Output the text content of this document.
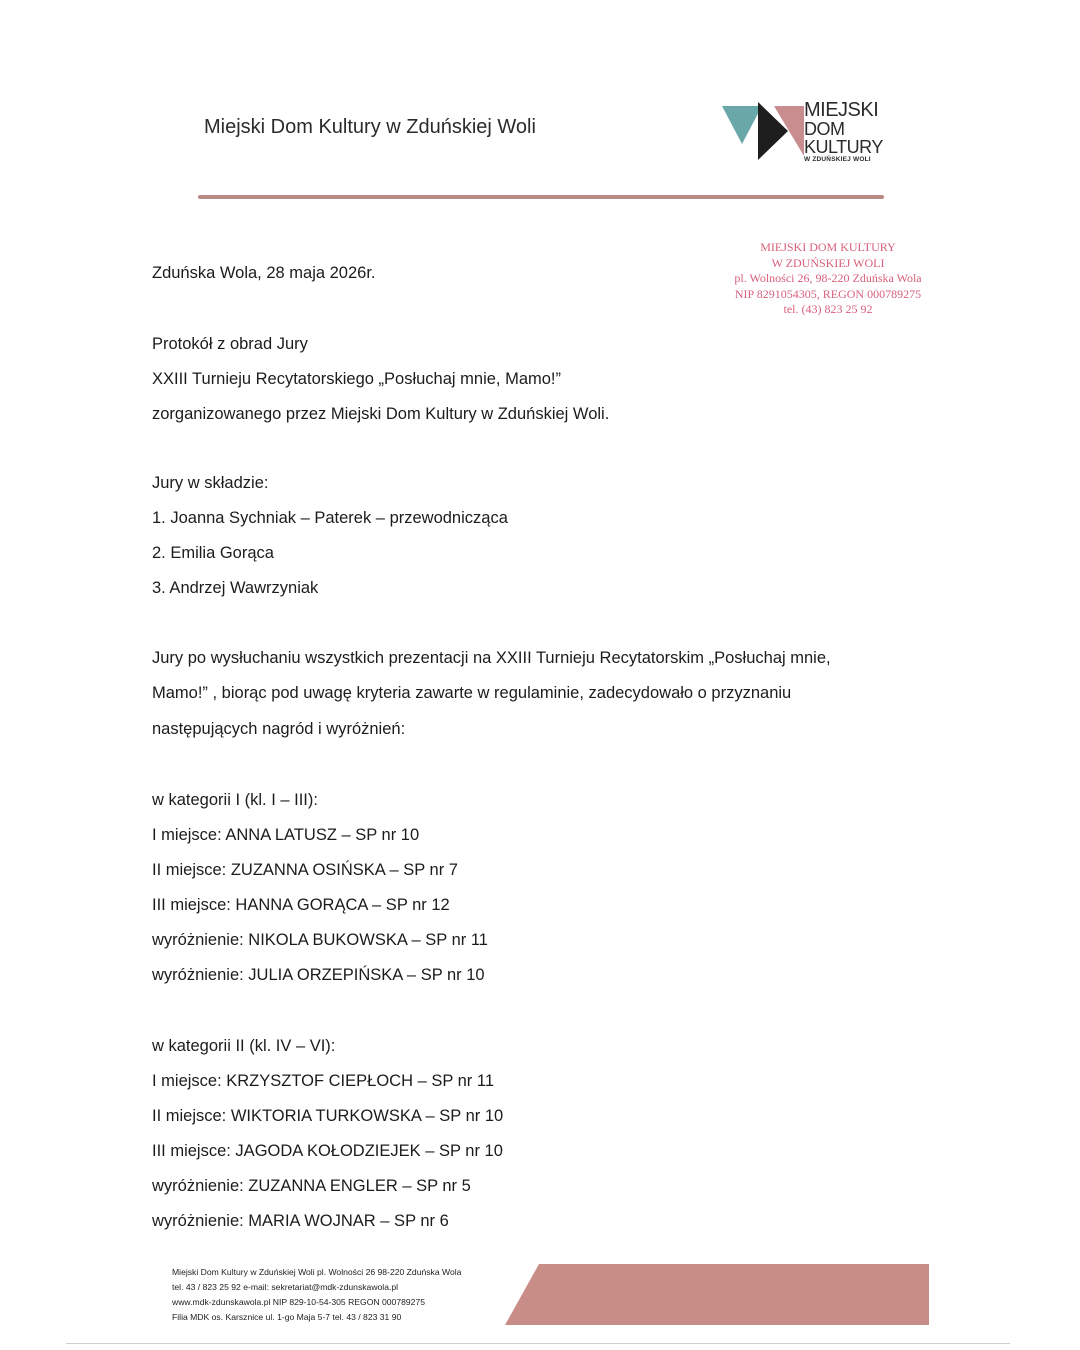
Miejski Dom Kultury w Zduńskiej Woli
MIEJSKI
DOM
KULTURY
W ZDUŃSKIEJ WOLI
MIEJSKI DOM KULTURY
W ZDUŃSKIEJ WOLI
pl. Wolności 26, 98-220 Zduńska Wola
NIP 8291054305, REGON 000789275
tel. (43) 823 25 92
Zduńska Wola, 28 maja 2026r.
Protokół z obrad Jury
XXIII Turnieju Recytatorskiego „Posłuchaj mnie, Mamo!”
zorganizowanego przez Miejski Dom Kultury w Zduńskiej Woli.
Jury w składzie:
1. Joanna Sychniak – Paterek – przewodnicząca
2. Emilia Gorąca
3. Andrzej Wawrzyniak
Jury po wysłuchaniu wszystkich prezentacji na XXIII Turnieju Recytatorskim „Posłuchaj mnie,
Mamo!” , biorąc pod uwagę kryteria zawarte w regulaminie, zadecydowało o przyznaniu
następujących nagród i wyróżnień:
w kategorii I (kl. I – III):
I miejsce: ANNA LATUSZ – SP nr 10
II miejsce: ZUZANNA OSIŃSKA – SP nr 7
III miejsce: HANNA GORĄCA – SP nr 12
wyróżnienie: NIKOLA BUKOWSKA – SP nr 11
wyróżnienie: JULIA ORZEPIŃSKA – SP nr 10
w kategorii II (kl. IV – VI):
I miejsce: KRZYSZTOF CIEPŁOCH – SP nr 11
II miejsce: WIKTORIA TURKOWSKA – SP nr 10
III miejsce: JAGODA KOŁODZIEJEK – SP nr 10
wyróżnienie: ZUZANNA ENGLER – SP nr 5
wyróżnienie: MARIA WOJNAR – SP nr 6
Miejski Dom Kultury w Zduńskiej Woli pl. Wolności 26 98-220 Zduńska Wola
tel. 43 / 823 25 92 e-mail: sekretariat@mdk-zdunskawola.pl
www.mdk-zdunskawola.pl NIP 829-10-54-305 REGON 000789275
Filia MDK os. Karsznice ul. 1-go Maja 5-7 tel. 43 / 823 31 90
